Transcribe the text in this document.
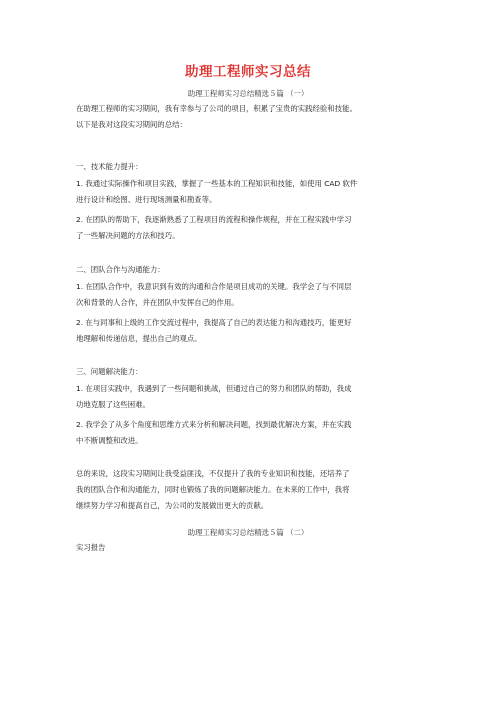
助理工程师实习总结
助理工程师实习总结精选５篇 （一）
在助理工程师的实习期间，我有幸参与了公司的项目，积累了宝贵的实践经验和技能。
以下是我对这段实习期间的总结：
一、技术能力提升：
1. 我通过实际操作和项目实践，掌握了一些基本的工程知识和技能，如使用 CAD 软件
进行设计和绘图、进行现场测量和勘查等。
2. 在团队的帮助下，我逐渐熟悉了工程项目的流程和操作规程，并在工程实践中学习
了一些解决问题的方法和技巧。
二、团队合作与沟通能力：
1. 在团队合作中，我意识到有效的沟通和合作是项目成功的关键。我学会了与不同层
次和背景的人合作，并在团队中发挥自己的作用。
2. 在与同事和上级的工作交流过程中，我提高了自己的表达能力和沟通技巧，能更好
地理解和传递信息，提出自己的观点。
三、问题解决能力：
1. 在项目实践中，我遇到了一些问题和挑战，但通过自己的努力和团队的帮助，我成
功地克服了这些困难。
2. 我学会了从多个角度和思维方式来分析和解决问题，找到最优解决方案，并在实践
中不断调整和改进。
总的来说，这段实习期间让我受益匪浅，不仅提升了我的专业知识和技能，还培养了
我的团队合作和沟通能力，同时也锻炼了我的问题解决能力。在未来的工作中，我将
继续努力学习和提高自己，为公司的发展做出更大的贡献。
助理工程师实习总结精选５篇 （二）
实习报告
